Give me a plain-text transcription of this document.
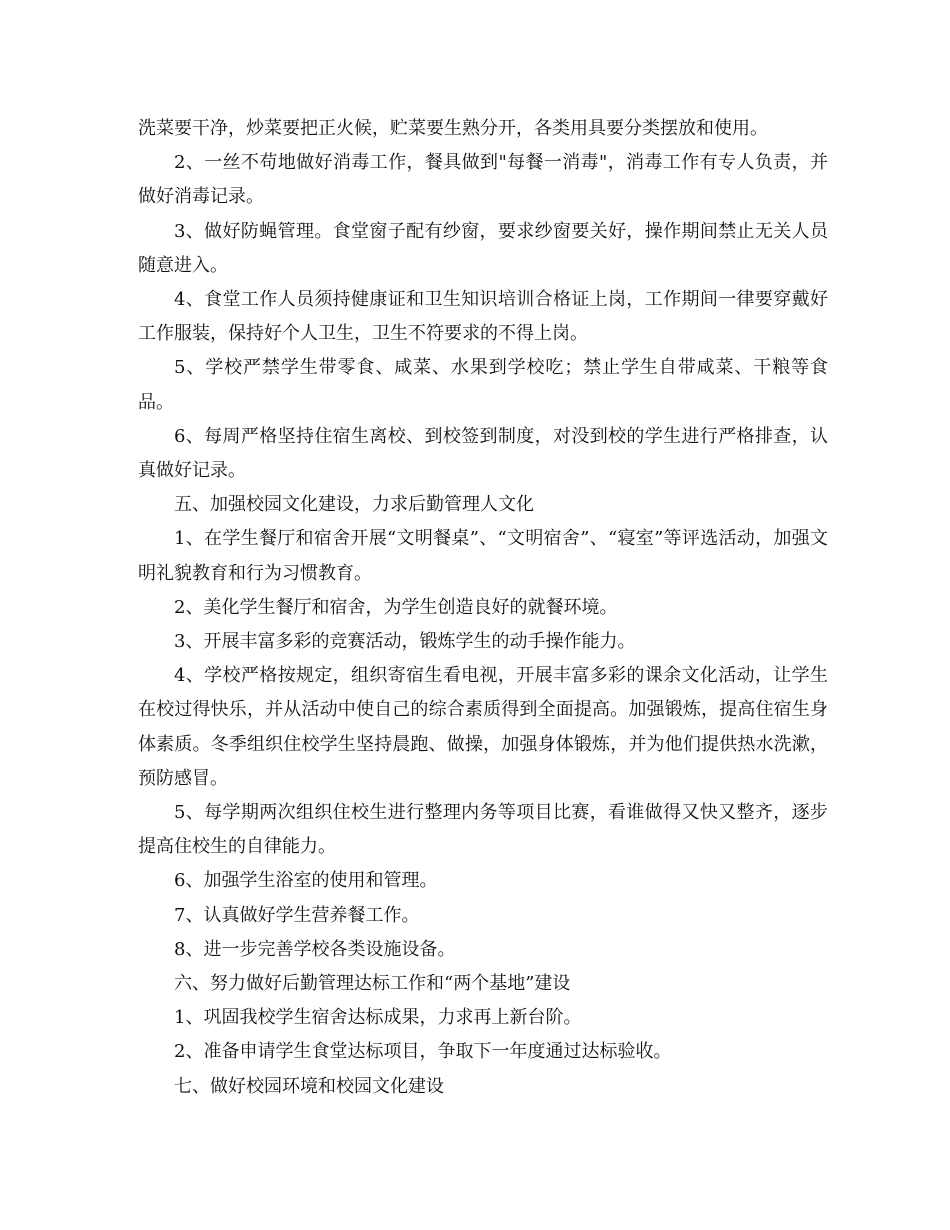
洗菜要干净，炒菜要把正火候，贮菜要生熟分开，各类用具要分类摆放和使用。

2、一丝不苟地做好消毒工作，餐具做到"每餐一消毒"，消毒工作有专人负责，并做好消毒记录。

3、做好防蝇管理。食堂窗子配有纱窗，要求纱窗要关好，操作期间禁止无关人员随意进入。

4、食堂工作人员须持健康证和卫生知识培训合格证上岗，工作期间一律要穿戴好工作服装，保持好个人卫生，卫生不符要求的不得上岗。

5、学校严禁学生带零食、咸菜、水果到学校吃；禁止学生自带咸菜、干粮等食品。

6、每周严格坚持住宿生离校、到校签到制度，对没到校的学生进行严格排查，认真做好记录。

五、加强校园文化建设，力求后勤管理人文化

1、在学生餐厅和宿舍开展“文明餐桌”、“文明宿舍”、“寝室”等评选活动，加强文明礼貌教育和行为习惯教育。

2、美化学生餐厅和宿舍，为学生创造良好的就餐环境。

3、开展丰富多彩的竞赛活动，锻炼学生的动手操作能力。

4、学校严格按规定，组织寄宿生看电视，开展丰富多彩的课余文化活动，让学生在校过得快乐，并从活动中使自己的综合素质得到全面提高。加强锻炼，提高住宿生身体素质。冬季组织住校学生坚持晨跑、做操，加强身体锻炼，并为他们提供热水洗漱，预防感冒。

5、每学期两次组织住校生进行整理内务等项目比赛，看谁做得又快又整齐，逐步提高住校生的自律能力。

6、加强学生浴室的使用和管理。

7、认真做好学生营养餐工作。

8、进一步完善学校各类设施设备。

六、努力做好后勤管理达标工作和“两个基地”建设

1、巩固我校学生宿舍达标成果，力求再上新台阶。

2、准备申请学生食堂达标项目，争取下一年度通过达标验收。

七、做好校园环境和校园文化建设
